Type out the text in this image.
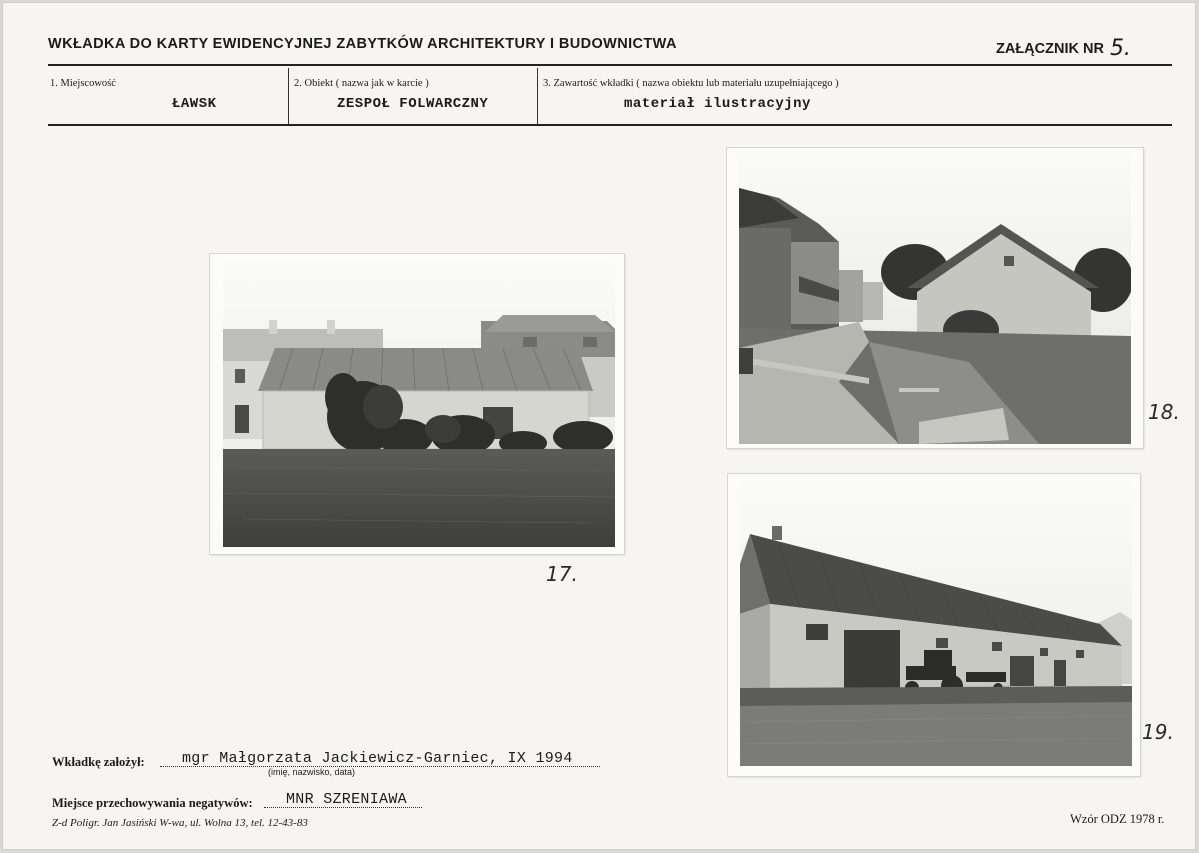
WKŁADKA DO KARTY EWIDENCYJNEJ ZABYTKÓW ARCHITEKTURY I BUDOWNICTWA	ZAŁĄCZNIK NR 5.
1. Miejscowość
ŁAWSK
2. Obiekt ( nazwa jak w karcie )
ZESPOŁ FOLWARCZNY
3. Zawartość wkładki ( nazwa obiektu lub materiału uzupełniającego )
materiał ilustracyjny
17.
18.
19.
Wkładkę założył: mgr Małgorzata Jackiewicz-Garniec, IX 1994
(imię, nazwisko, data)
Miejsce przechowywania negatywów: MNR SZRENIAWA
Z-d Poligr. Jan Jasiński W-wa, ul. Wolna 13, tel. 12-43-83	Wzór ODZ 1978 r.
